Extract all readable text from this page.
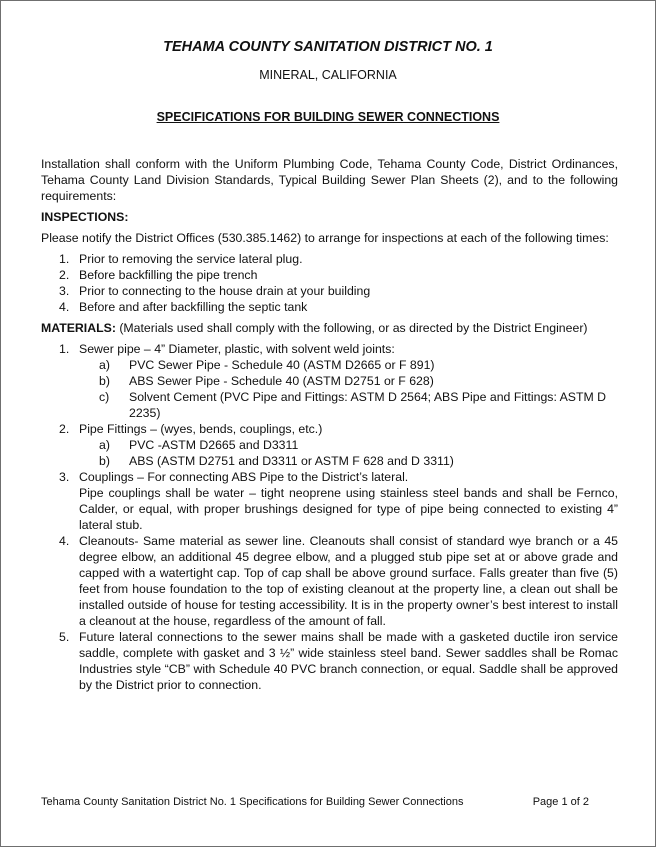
TEHAMA COUNTY SANITATION DISTRICT NO. 1
MINERAL, CALIFORNIA
SPECIFICATIONS FOR BUILDING SEWER CONNECTIONS

Installation shall conform with the Uniform Plumbing Code, Tehama County Code, District Ordinances, Tehama County Land Division Standards, Typical Building Sewer Plan Sheets (2), and to the following requirements:

INSPECTIONS:

Please notify the District Offices (530.385.1462) to arrange for inspections at each of the following times:

1. Prior to removing the service lateral plug.
2. Before backfilling the pipe trench
3. Prior to connecting to the house drain at your building
4. Before and after backfilling the septic tank
MATERIALS: (Materials used shall comply with the following, or as directed by the District Engineer)
1. Sewer pipe – 4” Diameter, plastic, with solvent weld joints:
a) PVC Sewer Pipe - Schedule 40 (ASTM D2665 or F 891)
b) ABS Sewer Pipe - Schedule 40 (ASTM D2751 or F 628)
c) Solvent Cement (PVC Pipe and Fittings: ASTM D 2564; ABS Pipe and Fittings: ASTM D 2235)
2. Pipe Fittings – (wyes, bends, couplings, etc.)
a) PVC -ASTM D2665 and D3311
b) ABS (ASTM D2751 and D3311 or ASTM F 628 and D 3311)
3. Couplings – For connecting ABS Pipe to the District’s lateral.
Pipe couplings shall be water – tight neoprene using stainless steel bands and shall be Fernco, Calder, or equal, with proper brushings designed for type of pipe being connected to existing 4” lateral stub.
4. Cleanouts- Same material as sewer line. Cleanouts shall consist of standard wye branch or a 45 degree elbow, an additional 45 degree elbow, and a plugged stub pipe set at or above grade and capped with a watertight cap. Top of cap shall be above ground surface. Falls greater than five (5) feet from house foundation to the top of existing cleanout at the property line, a clean out shall be installed outside of house for testing accessibility. It is in the property owner’s best interest to install a cleanout at the house, regardless of the amount of fall.
5. Future lateral connections to the sewer mains shall be made with a gasketed ductile iron service saddle, complete with gasket and 3 ½” wide stainless steel band. Sewer saddles shall be Romac Industries style “CB” with Schedule 40 PVC branch connection, or equal. Saddle shall be approved by the District prior to connection.
Tehama County Sanitation District No. 1 Specifications for Building Sewer Connections	Page 1 of 2
